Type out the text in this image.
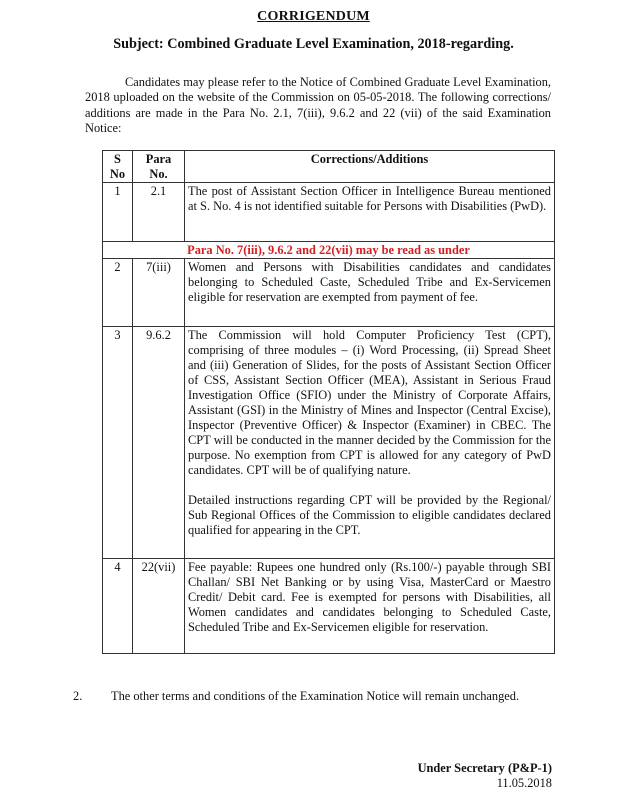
CORRIGENDUM
Subject: Combined Graduate Level Examination, 2018-regarding.
Candidates may please refer to the Notice of Combined Graduate Level Examination, 2018 uploaded on the website of the Commission on 05-05-2018. The following corrections/ additions are made in the Para No. 2.1, 7(iii), 9.6.2 and 22 (vii) of the said Examination Notice:
S No	Para No.	Corrections/Additions
1	2.1	The post of Assistant Section Officer in Intelligence Bureau mentioned at S. No. 4 is not identified suitable for Persons with Disabilities (PwD).
Para No. 7(iii), 9.6.2 and 22(vii) may be read as under		
2	7(iii)	Women and Persons with Disabilities candidates and candidates belonging to Scheduled Caste, Scheduled Tribe and Ex-Servicemen eligible for reservation are exempted from payment of fee.
3	9.6.2	The Commission will hold Computer Proficiency Test (CPT), comprising of three modules – (i) Word Processing, (ii) Spread Sheet and (iii) Generation of Slides, for the posts of Assistant Section Officer of CSS, Assistant Section Officer (MEA), Assistant in Serious Fraud Investigation Office (SFIO) under the Ministry of Corporate Affairs, Assistant (GSI) in the Ministry of Mines and Inspector (Central Excise), Inspector (Preventive Officer) & Inspector (Examiner) in CBEC. The CPT will be conducted in the manner decided by the Commission for the purpose. No exemption from CPT is allowed for any category of PwD candidates. CPT will be of qualifying nature.

Detailed instructions regarding CPT will be provided by the Regional/ Sub Regional Offices of the Commission to eligible candidates declared qualified for appearing in the CPT.

4	22(vii)	Fee payable: Rupees one hundred only (Rs.100/-) payable through SBI Challan/ SBI Net Banking or by using Visa, MasterCard or Maestro Credit/ Debit card. Fee is exempted for persons with Disabilities, all Women candidates and candidates belonging to Scheduled Caste, Scheduled Tribe and Ex-Servicemen eligible for reservation.
2. The other terms and conditions of the Examination Notice will remain unchanged.
Under Secretary (P&P-1)
11.05.2018
